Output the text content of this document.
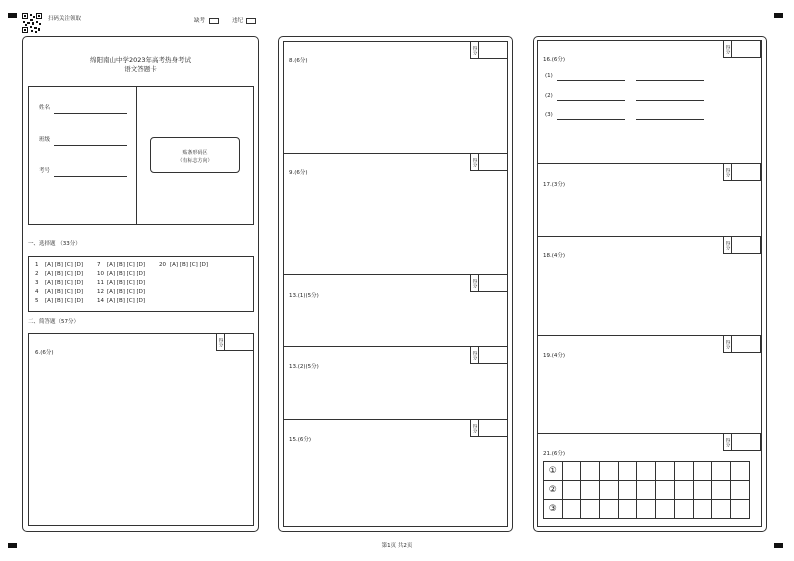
扫码关注领取	缺考	违纪
绵阳南山中学2023年高考热身考试
语文答题卡
姓名
班级
考号
贴条形码区
（有标志方向）
一、选择题 （33分）
1 [A] [B] [C] [D]	7 [A] [B] [C] [D]	20 [A] [B] [C] [D]
2 [A] [B] [C] [D]	10 [A] [B] [C] [D]
3 [A] [B] [C] [D]	11 [A] [B] [C] [D]
4 [A] [B] [C] [D]	12 [A] [B] [C] [D]
5 [A] [B] [C] [D]	14 [A] [B] [C] [D]
二、简答题（57分）
得分
6.(6分)
得分
8.(6分)
得分
9.(6分)
得分
13.(1)(5分)
得分
13.(2)(5分)
得分
15.(6分)
得分
16.(6分)
(1)
(2)
(3)
得分
17.(3分)
得分
18.(4分)
得分
19.(4分)
得分
21.(6分)
①										
②										
③										
第1页 共2页
